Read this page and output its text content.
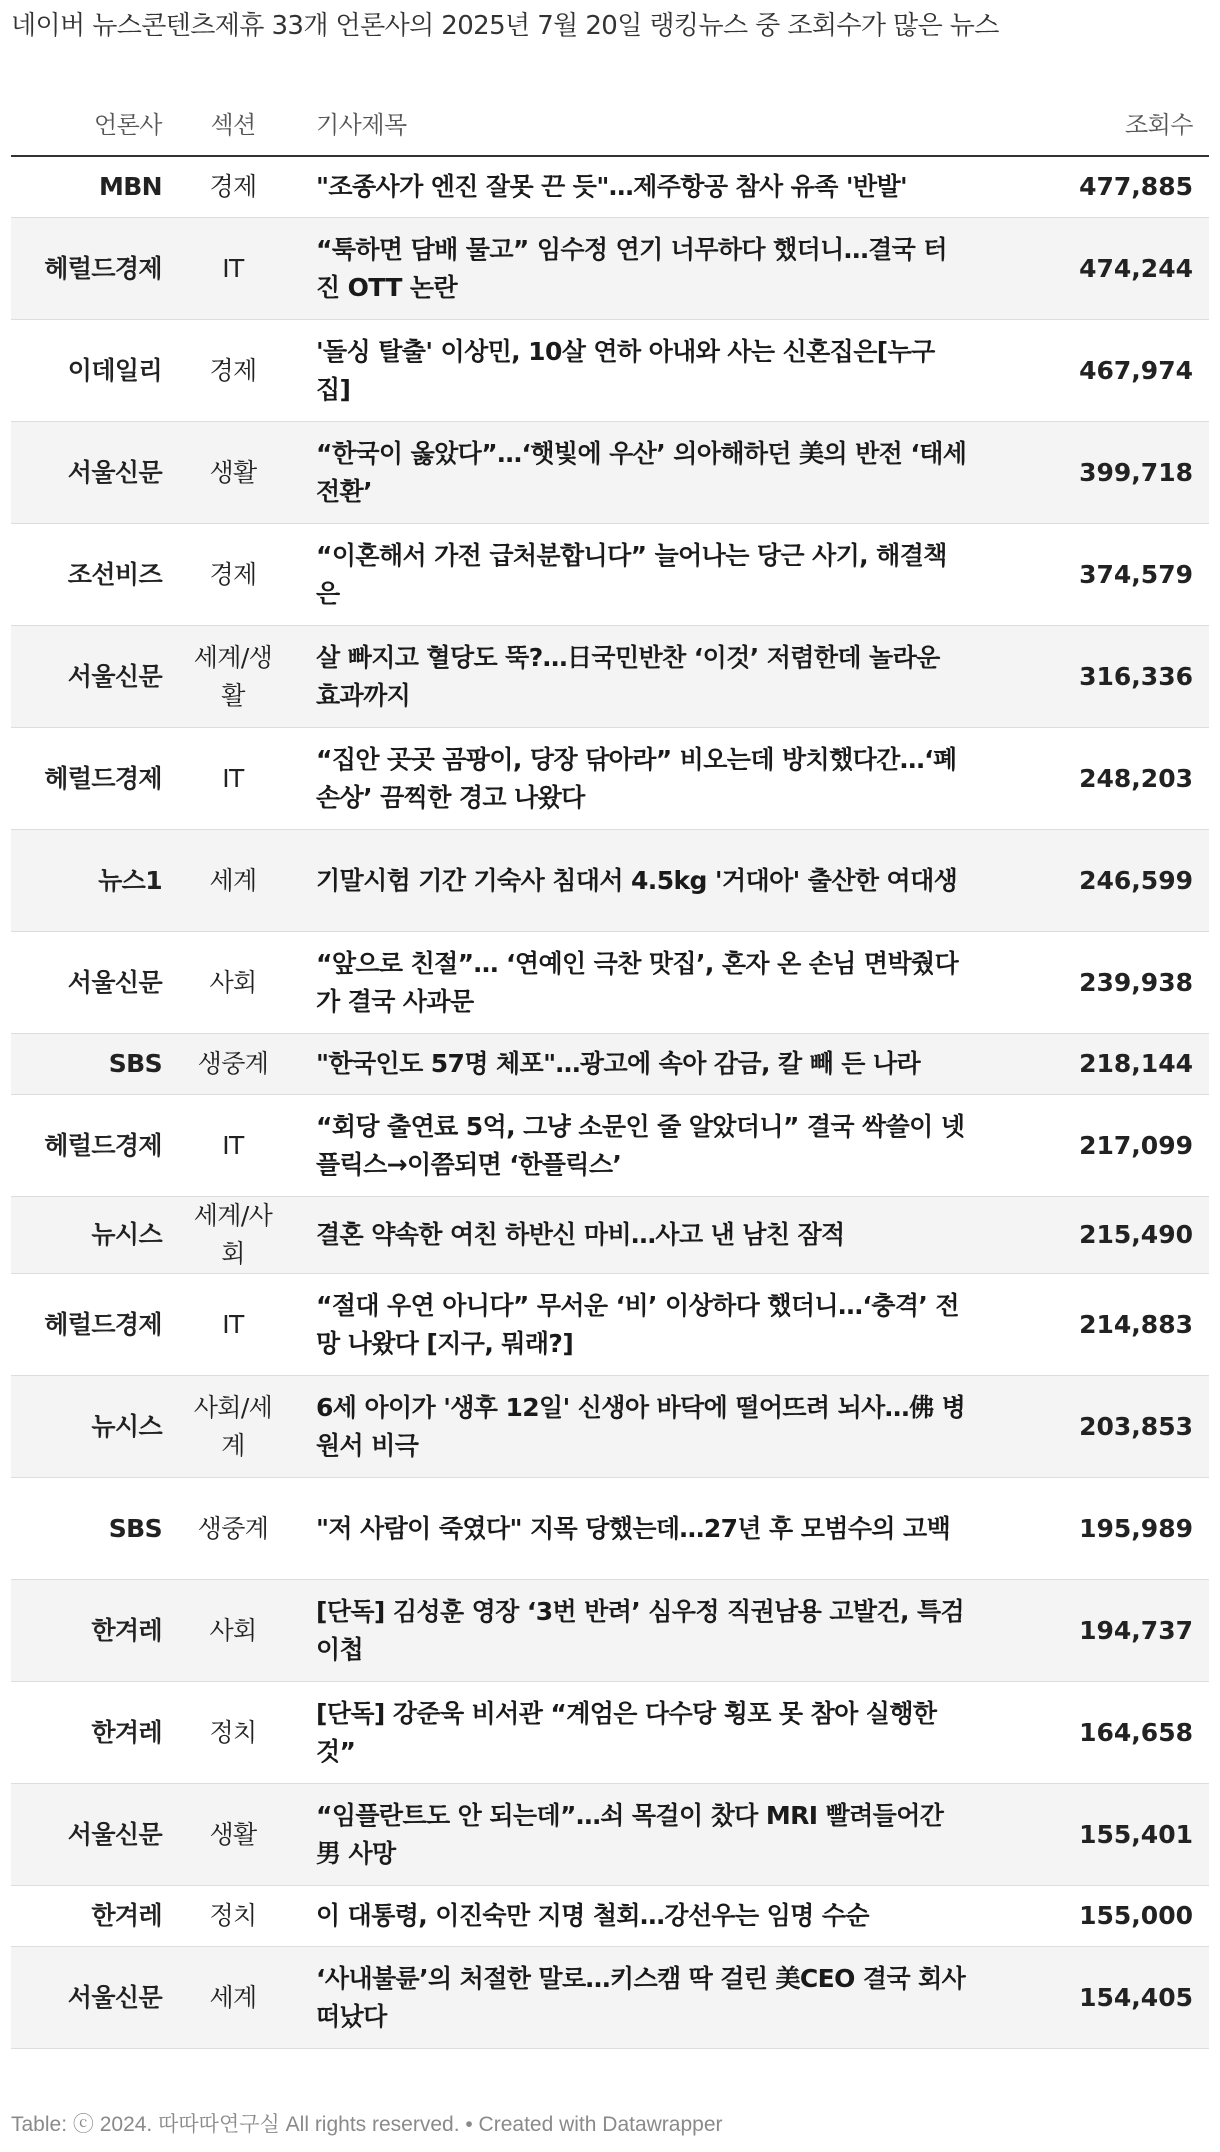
네이버 뉴스콘텐츠제휴 33개 언론사의 2025년 7월 20일 랭킹뉴스 중 조회수가 많은 뉴스
언론사	섹션	기사제목	조회수
MBN	경제	"조종사가 엔진 잘못 끈 듯"…제주항공 참사 유족 '반발'	477,885
헤럴드경제	IT	“툭하면 담배 물고” 임수정 연기 너무하다 했더니…결국 터진 OTT 논란	474,244
이데일리	경제	'돌싱 탈출' 이상민, 10살 연하 아내와 사는 신혼집은[누구집]	467,974
서울신문	생활	“한국이 옳았다”…‘햇빛에 우산’ 의아해하던 美의 반전 ‘태세 전환’	399,718
조선비즈	경제	“이혼해서 가전 급처분합니다” 늘어나는 당근 사기, 해결책은	374,579
서울신문	세계/생활	살 빠지고 혈당도 뚝?…日국민반찬 ‘이것’ 저렴한데 놀라운 효과까지	316,336
헤럴드경제	IT	“집안 곳곳 곰팡이, 당장 닦아라” 비오는데 방치했다간…‘폐 손상’ 끔찍한 경고 나왔다	248,203
뉴스1	세계	기말시험 기간 기숙사 침대서 4.5kg '거대아' 출산한 여대생	246,599
서울신문	사회	“앞으로 친절”… ‘연예인 극찬 맛집’, 혼자 온 손님 면박줬다가 결국 사과문	239,938
SBS	생중계	"한국인도 57명 체포"…광고에 속아 감금, 칼 빼 든 나라	218,144
헤럴드경제	IT	“회당 출연료 5억, 그냥 소문인 줄 알았더니” 결국 싹쓸이 넷플릭스→이쯤되면 ‘한플릭스’	217,099
뉴시스	세계/사회	결혼 약속한 여친 하반신 마비…사고 낸 남친 잠적	215,490
헤럴드경제	IT	“절대 우연 아니다” 무서운 ‘비’ 이상하다 했더니…‘충격’ 전망 나왔다 [지구, 뭐래?]	214,883
뉴시스	사회/세계	6세 아이가 '생후 12일' 신생아 바닥에 떨어뜨려 뇌사…佛 병원서 비극	203,853
SBS	생중계	"저 사람이 죽였다" 지목 당했는데…27년 후 모범수의 고백	195,989
한겨레	사회	[단독] 김성훈 영장 ‘3번 반려’ 심우정 직권남용 고발건, 특검 이첩	194,737
한겨레	정치	[단독] 강준욱 비서관 “계엄은 다수당 횡포 못 참아 실행한 것”	164,658
서울신문	생활	“임플란트도 안 되는데”…쇠 목걸이 찼다 MRI 빨려들어간 男 사망	155,401
한겨레	정치	이 대통령, 이진숙만 지명 철회…강선우는 임명 수순	155,000
서울신문	세계	‘사내불륜’의 처절한 말로…키스캠 딱 걸린 美CEO 결국 회사 떠났다	154,405
Table: ⓒ 2024. 따따따연구실 All rights reserved. • Created with Datawrapper
